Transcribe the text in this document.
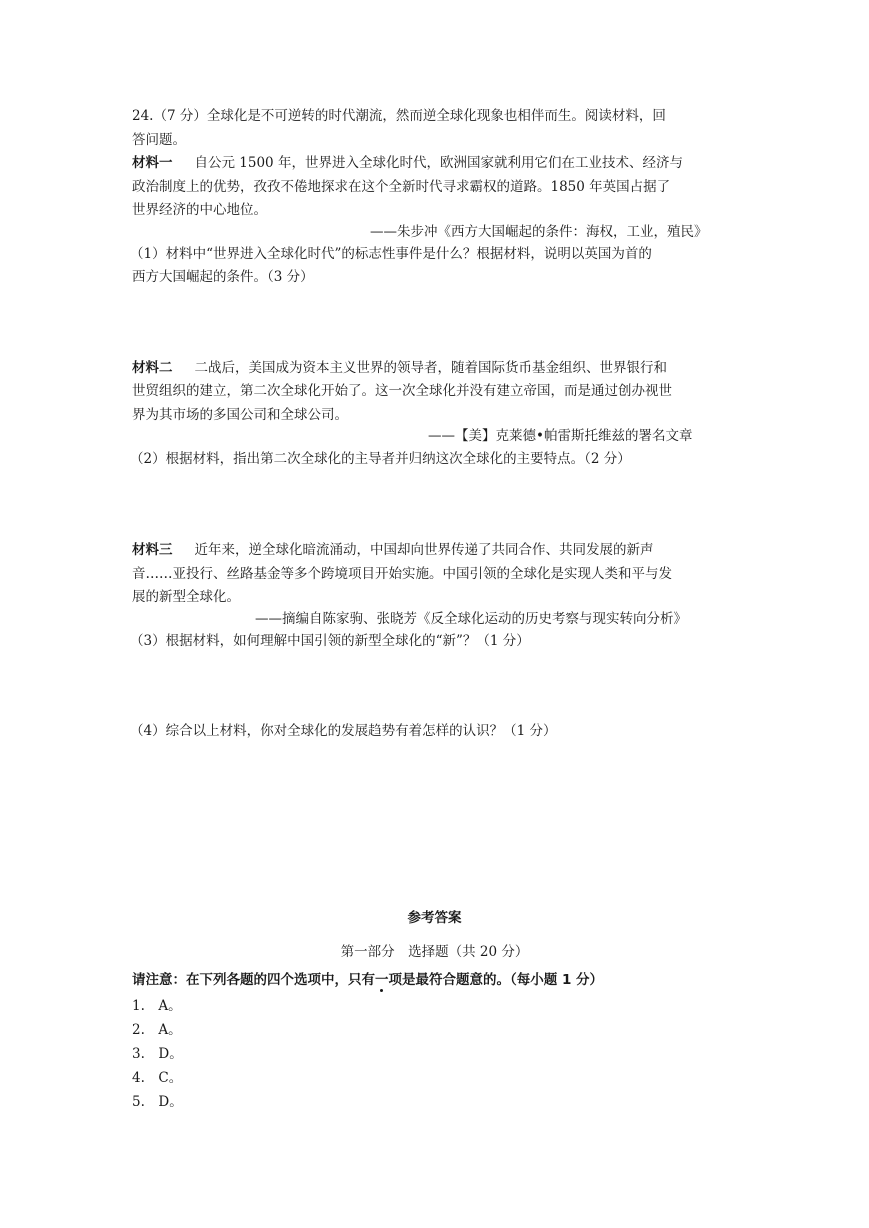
24.（7 分）全球化是不可逆转的时代潮流，然而逆全球化现象也相伴而生。阅读材料，回
答问题。
材料一 自公元 1500 年，世界进入全球化时代，欧洲国家就利用它们在工业技术、经济与
政治制度上的优势，孜孜不倦地探求在这个全新时代寻求霸权的道路。1850 年英国占据了
世界经济的中心地位。
——朱步冲《西方大国崛起的条件：海权，工业，殖民》
（1）材料中“世界进入全球化时代”的标志性事件是什么？根据材料，说明以英国为首的
西方大国崛起的条件。（3 分）
材料二 二战后，美国成为资本主义世界的领导者，随着国际货币基金组织、世界银行和
世贸组织的建立，第二次全球化开始了。这一次全球化并没有建立帝国，而是通过创办视世
界为其市场的多国公司和全球公司。
——【美】克莱德•帕雷斯托维兹的署名文章
（2）根据材料，指出第二次全球化的主导者并归纳这次全球化的主要特点。（2 分）
材料三 近年来，逆全球化暗流涌动，中国却向世界传递了共同合作、共同发展的新声
音……亚投行、丝路基金等多个跨境项目开始实施。中国引领的全球化是实现人类和平与发
展的新型全球化。
——摘编自陈家驹、张晓芳《反全球化运动的历史考察与现实转向分析》
（3）根据材料，如何理解中国引领的新型全球化的“新”？（1 分）
（4）综合以上材料，你对全球化的发展趋势有着怎样的认识？（1 分）
参考答案
第一部分　选择题（共 20 分）
请注意：在下列各题的四个选项中，只有一项是最符合题意的。（每小题 1 分）
1.　A。
2.　A。
3.　D。
4.　C。
5.　D。
